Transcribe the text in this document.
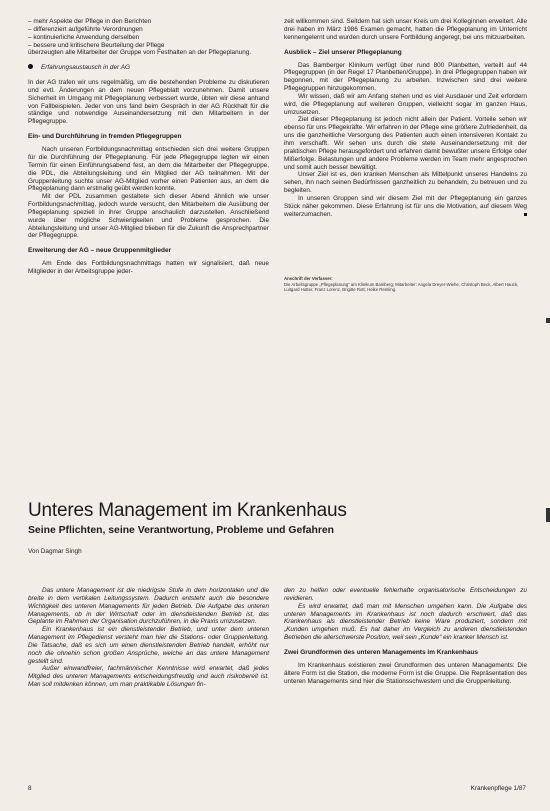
– mehr Aspekte der Pflege in den Berichten

– differenziert aufgeführte Verordnungen

– kontinuierliche Anwendung derselben

– bessere und kritischere Beurteilung der Pflege

überzeugten alle Mitarbeiter der Gruppe vom Festhalten an der Pflegeplanung.

Erfahrungsaustausch in der AG

In der AG trafen wir uns regelmäßig, um die bestehenden Probleme zu diskutieren und evtl. Änderungen an dem neuen Pflegeblatt vorzunehmen. Damit unsere Sicherheit im Umgang mit Pflegeplanung verbessert wurde, übten wir diese anhand von Fallbeispielen. Jeder von uns fand beim Gespräch in der AG Rückhalt für die ständige und notwendige Auseinandersetzung mit den Mitarbeitern in der Pflegegruppe.

Ein- und Durchführung in fremden Pflegegruppen

Nach unseren Fortbildungsnachmittag entschieden sich drei weitere Gruppen für die Durchführung der Pflegeplanung. Für jede Pflegegruppe legten wir einen Termin für einen Einführungsabend fest, an dem die Mitarbeiter der Pflegegruppe, die PDL, die Abteilungsleitung und ein Mitglied der AG teilnahmen. Mit der Gruppenleitung suchte unser AG-Mitglied vorher einen Patienten aus, an dem die Pflegeplanung dann erstmalig geübt werden konnte.

Mit der PDL zusammen gestaltete sich dieser Abend ähnlich wie unser Fortbildungsnachmittag, jedoch wurde versucht, den Mitarbeitern die Ausübung der Pflegeplanung speziell in ihrer Gruppe anschaulich darzustellen. Anschließend wurde über mögliche Schwierigkeiten und Probleme gesprochen. Die Abteilungsleitung und unser AG-Mitglied blieben für die Zukunft die Ansprechpartner der Pflegegruppe.

Erweiterung der AG – neue Gruppenmitglieder

Am Ende des Fortbildungsnachmittags hatten wir signalisiert, daß neue Mitglieder in der Arbeitsgruppe jeder-

zeit willkommen sind. Seitdem hat sich unser Kreis um drei Kolleginnen erweitert. Alle drei haben im März 1986 Examen gemacht, hatten die Pflegeplanung im Unterricht kennengelernt und wurden durch unsere Fortbildung angeregt, bei uns mitzuarbeiten.

Ausblick – Ziel unserer Pflegeplanung

Das Bamberger Klinikum verfügt über rund 800 Planbetten, verteilt auf 44 Pflegegruppen (in der Regel 17 Planbetten/Gruppe). In drei Pflegegruppen haben wir begonnen, mit der Pflegeplanung zu arbeiten. Inzwischen sind drei weitere Pflegegruppen hinzugekommen.

Wir wissen, daß wir am Anfang stehen und es viel Ausdauer und Zeit erfordern wird, die Pflegeplanung auf weiteren Gruppen, vielleicht sogar im ganzen Haus, umzusetzen.

Ziel dieser Pflegeplanung ist jedoch nicht allein der Patient. Vorteile sehen wir ebenso für uns Pflegekräfte. Wir erfahren in der Pflege eine größere Zufriedenheit, da uns die ganzheitliche Versorgung des Patienten auch einen intensiveren Kontakt zu ihm verschafft. Wir sehen uns durch die stete Auseinandersetzung mit der praktischen Pflege herausgefordert und erfahren damit bewußter unsere Erfolge oder Mißerfolge. Belastungen und andere Probleme werden im Team mehr angesprochen und somit auch besser bewältigt.

Unser Ziel ist es, den kranken Menschen als Mittelpunkt unseres Handelns zu sehen, ihn nach seinen Bedürfnissen ganzheitlich zu behandeln, zu betreuen und zu begleiten.

In unseren Gruppen sind wir diesem Ziel mit der Pflegeplanung ein ganzes Stück näher gekommen. Diese Erfahrung ist für uns die Motivation, auf diesem Weg weiterzumachen.

Anschrift der Verfasser:
Die Arbeitsgruppe „Pflegeplanung“ am Klinikum Bamberg; Mitarbeiter: Angela Dreyer-Wiehe, Christoph Beck, Albert Hauck, Luitgard Hutter, Franz Lorenz, Brigitte Rott, Heike Remling.
Unteres Management im Krankenhaus
Seine Pflichten, seine Verantwortung, Probleme und Gefahren

Von Dagmar Singh

Das untere Management ist die niedrigste Stufe in dem horizontalen und die breite in dem vertikalen Leitungssystem. Dadurch entsteht auch die besondere Wichtigkeit des unteren Managements für jeden Betrieb. Die Aufgabe des unteren Managements, ob in der Wirtschaft oder im dienstleistenden Betrieb ist, das Geplante im Rahmen der Organisation durchzuführen, in die Praxis umzusetzen.

Ein Krankenhaus ist ein dienstleistender Betrieb, und unter dem unteren Management im Pflegedienst versteht man hier die Stations- oder Gruppenleitung. Die Tatsache, daß es sich um einen dienstleistenden Betrieb handelt, erhöht nur noch die ohnehin schon großen Ansprüche, welche an das untere Management gestellt sind.

Außer einwandfreier, fachmännischer Kenntnisse wird erwartet, daß jedes Mitglied des unteren Managements entscheidungsfreudig und auch risikobereit ist. Man soll mitdenken können, um man praktikable Lösungen fin-

den zu helfen oder eventuelle fehlerhafte organisatorische Entscheidungen zu revidieren.

Es wird erwartet, daß man mit Menschen umgehen kann. Die Aufgabe des unteren Managements im Krankenhaus ist noch dadurch erschwert, daß das Krankenhaus als dienstleistender Betrieb keine Ware produziert, sondern mit „Kunden umgehen muß. Es hat daher im Vergleich zu anderen dienstleistenden Betrieben die allerschwerste Position, weil sein „Kunde“ ein kranker Mensch ist.

Zwei Grundformen des unteren Managements im Krankenhaus

Im Krankenhaus existieren zwei Grundformen des unteren Managements: Die ältere Form ist die Station, die moderne Form ist die Gruppe. Die Repräsentation des unteren Managements sind hier die Stationsschwestern und die Gruppenleitung.

8	Krankenpflege 1/87
